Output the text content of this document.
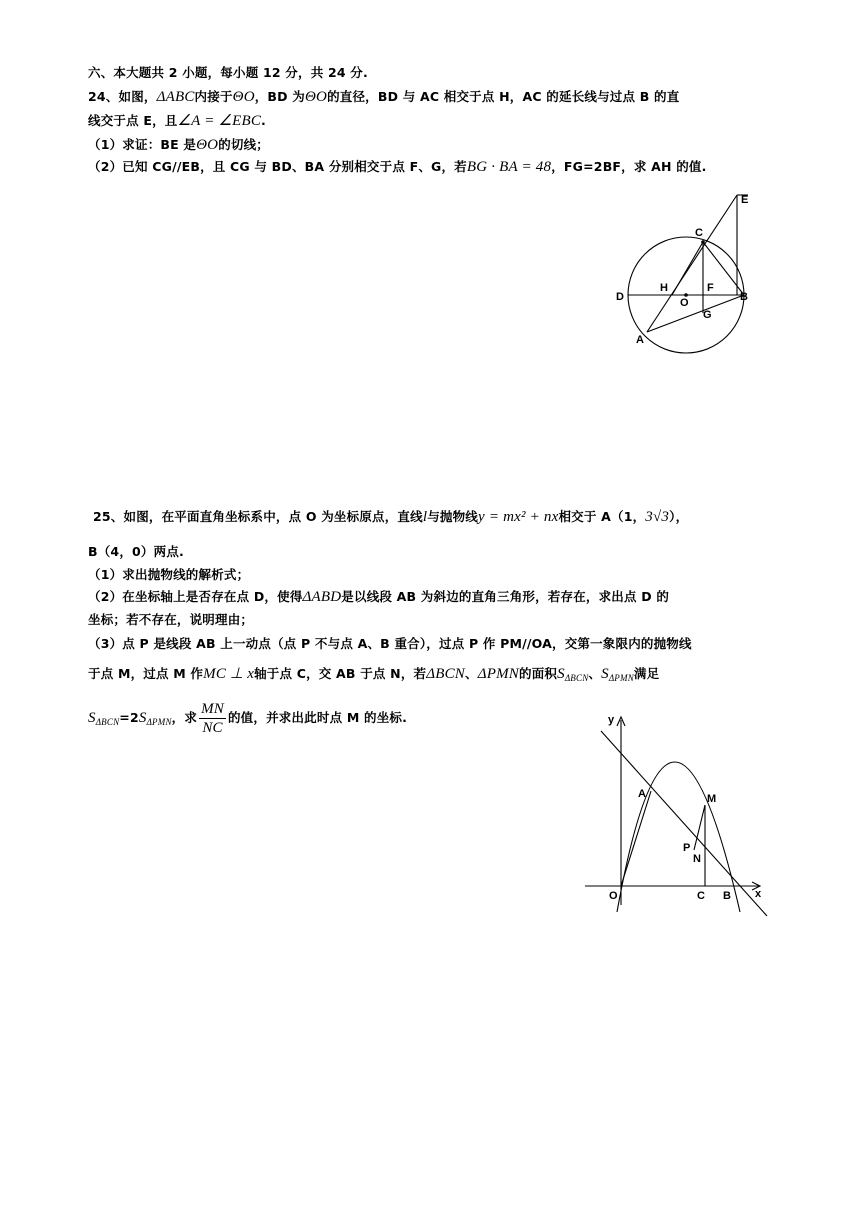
六、本大题共 2 小题，每小题 12 分，共 24 分.
24、如图，ΔABC内接于ΘO，BD 为ΘO的直径，BD 与 AC 相交于点 H，AC 的延长线与过点 B 的直
线交于点 E，且∠A = ∠EBC.
（1）求证：BE 是ΘO的切线；
（2）已知 CG//EB，且 CG 与 BD、BA 分别相交于点 F、G，若BG · BA = 48，FG=2BF，求 AH 的值.
E
C
D
H
O
F
B
G
A
25、如图，在平面直角坐标系中，点 O 为坐标原点，直线l与抛物线y = mx² + nx相交于 A（1，3√3），
B（4，0）两点.
（1）求出抛物线的解析式；
（2）在坐标轴上是否存在点 D，使得ΔABD是以线段 AB 为斜边的直角三角形，若存在，求出点 D 的
坐标；若不存在，说明理由；
（3）点 P 是线段 AB 上一动点（点 P 不与点 A、B 重合），过点 P 作 PM//OA，交第一象限内的抛物线
于点 M，过点 M 作MC ⊥ x轴于点 C，交 AB 于点 N，若ΔBCN、ΔPMN的面积$S_{\Delta BCN}$、$S_{\Delta PMN}$满足
$S_{\Delta BCN}=2S_{\Delta PMN}$，求 $\frac{MN}{NC}$ 的值，并求出此时点 M 的坐标.	y
x
O
A	M
P
N
C B
